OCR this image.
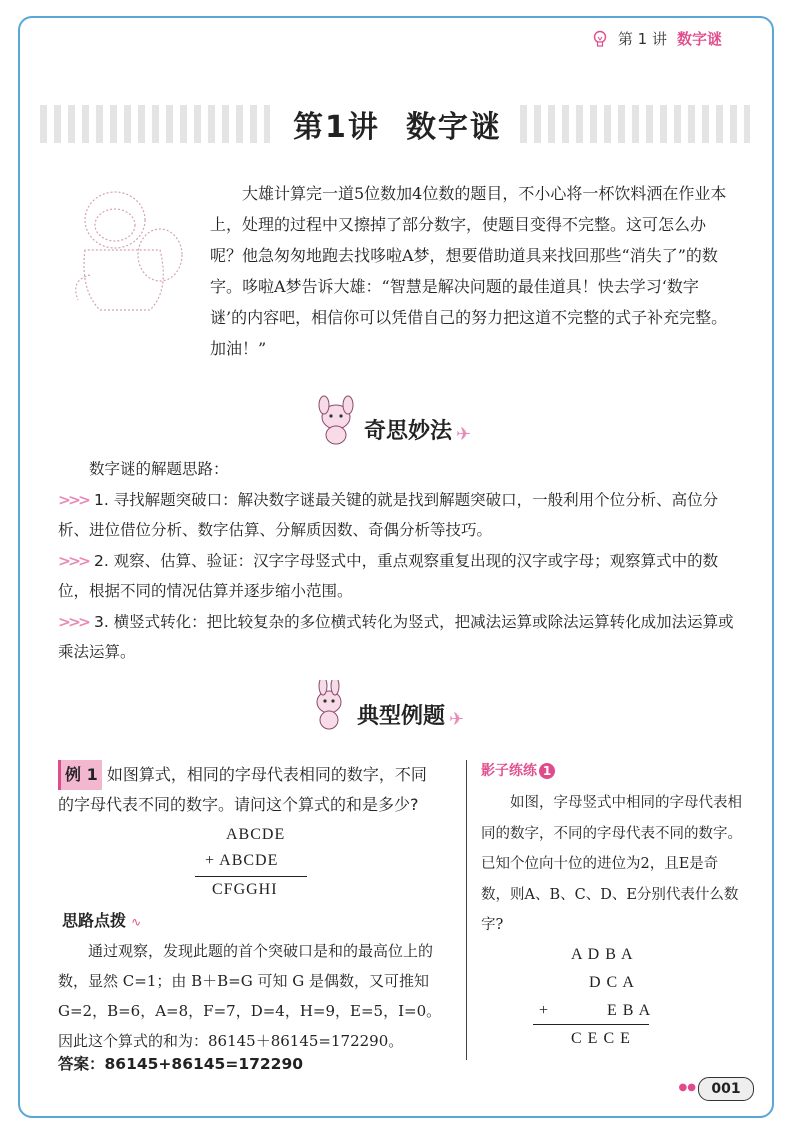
第 1 讲 数字谜
第1讲 数字谜
大雄计算完一道5位数加4位数的题目，不小心将一杯饮料洒在作业本上，处理的过程中又擦掉了部分数字，使题目变得不完整。这可怎么办呢？他急匆匆地跑去找哆啦A梦，想要借助道具来找回那些“消失了”的数字。哆啦A梦告诉大雄：“智慧是解决问题的最佳道具！快去学习‘数字谜’的内容吧，相信你可以凭借自己的努力把这道不完整的式子补充完整。加油！”
奇思妙法 ✈
数字谜的解题思路：
>>> 1. 寻找解题突破口：解决数字谜最关键的就是找到解题突破口，一般利用个位分析、高位分析、进位借位分析、数字估算、分解质因数、奇偶分析等技巧。
>>> 2. 观察、估算、验证：汉字字母竖式中，重点观察重复出现的汉字或字母；观察算式中的数位，根据不同的情况估算并逐步缩小范围。
>>> 3. 横竖式转化：把比较复杂的多位横式转化为竖式，把减法运算或除法运算转化成加法运算或乘法运算。
典型例题 ✈
例 1 如图算式，相同的字母代表相同的数字，不同
的字母代表不同的数字。请问这个算式的和是多少?
ABCDE
+ ABCDE
CFGGHI
思路点拨 ∿
通过观察，发现此题的首个突破口是和的最高位上的数，显然 C=1；由 B＋B=G 可知 G 是偶数，又可推知 G=2，B=6，A=8，F=7，D=4，H=9，E=5，I=0。因此这个算式的和为：86145＋86145=172290。
答案：86145+86145=172290
影子练练 1
如图，字母竖式中相同的字母代表相同的数字，不同的字母代表不同的数字。已知个位向十位的进位为2，且E是奇数，则A、B、C、D、E分别代表什么数字?
A D B A
D C A
+	E B A
C E C E
●●	001
